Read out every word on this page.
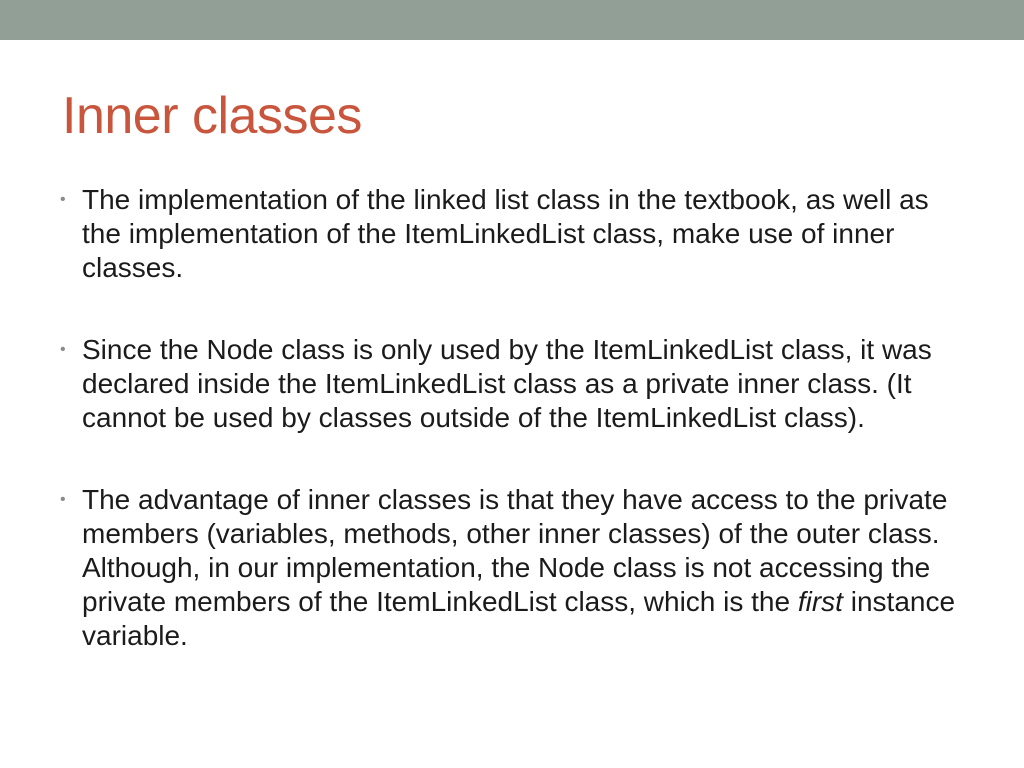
Inner classes
• The implementation of the linked list class in the textbook, as well as the implementation of the ItemLinkedList class, make use of inner classes.
• Since the Node class is only used by the ItemLinkedList class, it was declared inside the ItemLinkedList class as a private inner class. (It cannot be used by classes outside of the ItemLinkedList class).
• The advantage of inner classes is that they have access to the private members (variables, methods, other inner classes) of the outer class. Although, in our implementation, the Node class is not accessing the private members of the ItemLinkedList class, which is the first instance variable.
